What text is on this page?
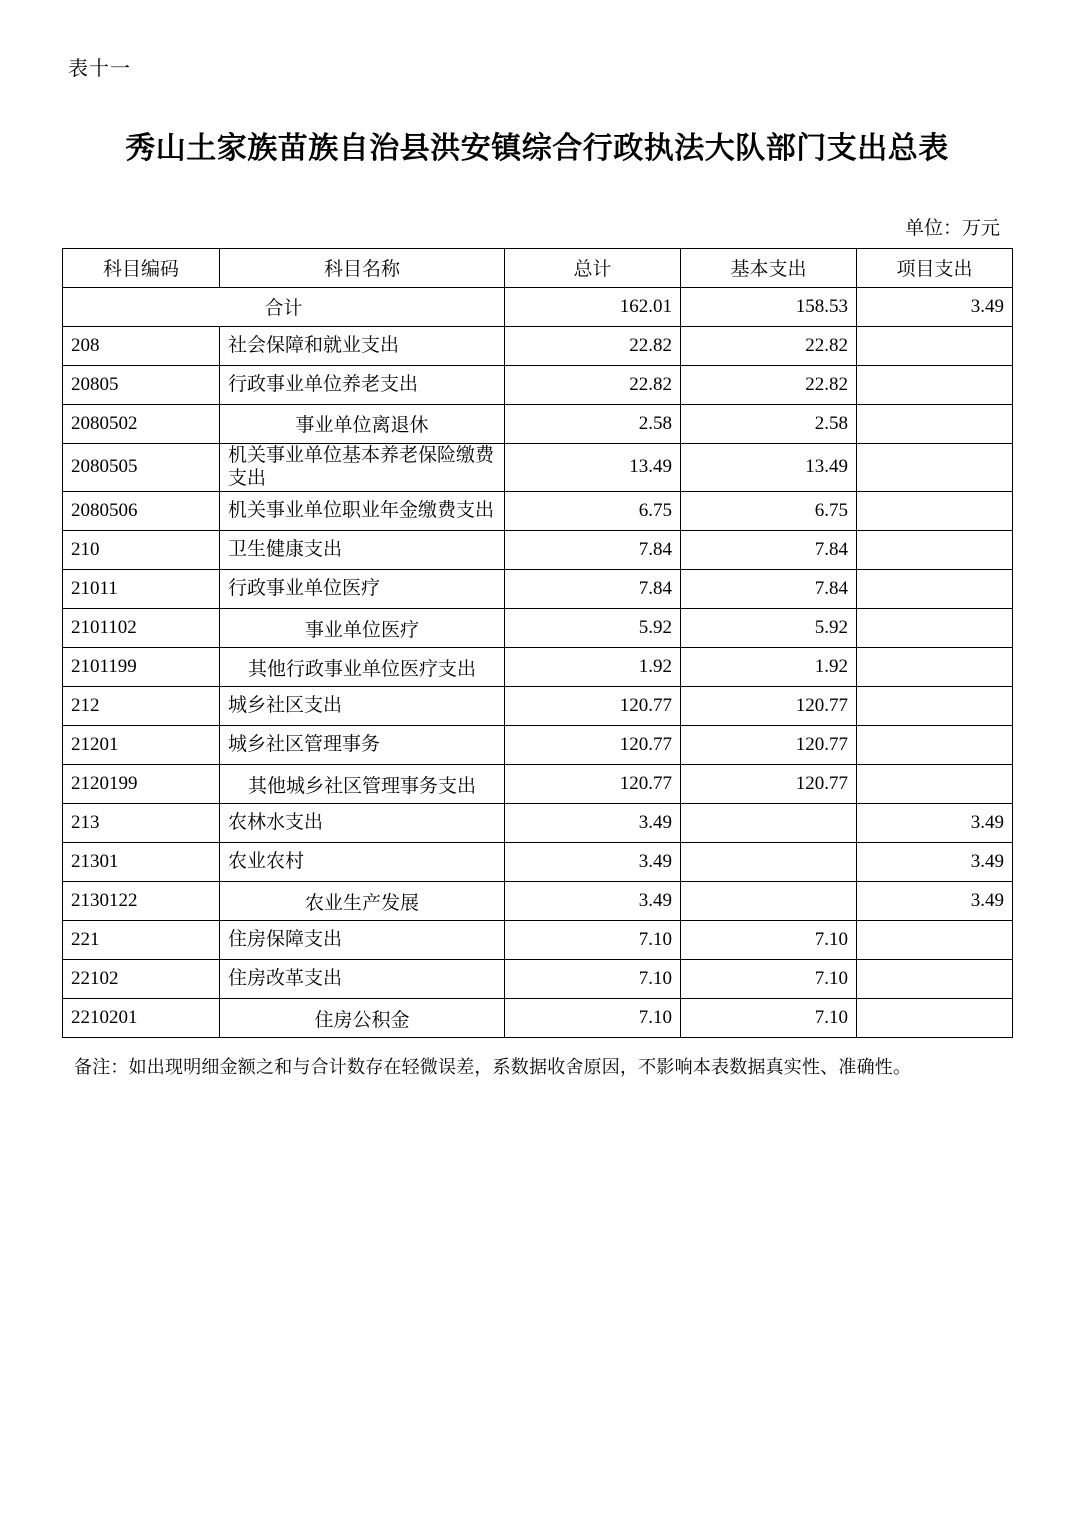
表十一
秀山土家族苗族自治县洪安镇综合行政执法大队部门支出总表
单位：万元
科目编码	科目名称	总计	基本支出	项目支出
合计		162.01	158.53	3.49
208	社会保障和就业支出	22.82	22.82	
20805	行政事业单位养老支出	22.82	22.82	
2080502	事业单位离退休	2.58	2.58	
2080505	机关事业单位基本养老保险缴费支出	13.49	13.49	
2080506	机关事业单位职业年金缴费支出	6.75	6.75	
210	卫生健康支出	7.84	7.84	
21011	行政事业单位医疗	7.84	7.84	
2101102	事业单位医疗	5.92	5.92	
2101199	其他行政事业单位医疗支出	1.92	1.92	
212	城乡社区支出	120.77	120.77	
21201	城乡社区管理事务	120.77	120.77	
2120199	其他城乡社区管理事务支出	120.77	120.77	
213	农林水支出	3.49		3.49
21301	农业农村	3.49		3.49
2130122	农业生产发展	3.49		3.49
221	住房保障支出	7.10	7.10	
22102	住房改革支出	7.10	7.10	
2210201	住房公积金	7.10	7.10	
备注：如出现明细金额之和与合计数存在轻微误差，系数据收舍原因，不影响本表数据真实性、准确性。
